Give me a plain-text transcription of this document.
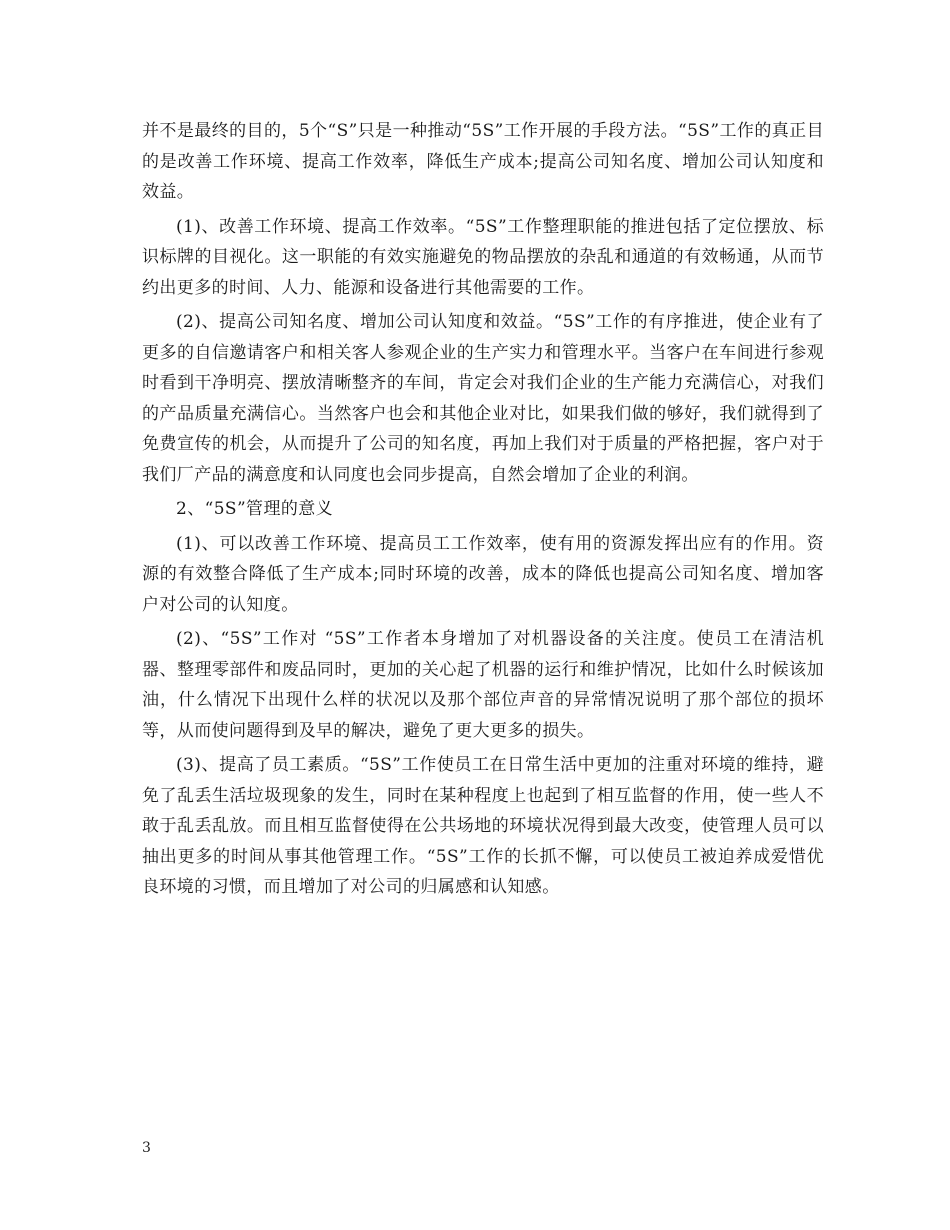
并不是最终的目的，5个“S”只是一种推动“5S”工作开展的手段方法。“5S”工作的真正目的是改善工作环境、提高工作效率，降低生产成本;提高公司知名度、增加公司认知度和效益。

(1)、改善工作环境、提高工作效率。“5S”工作整理职能的推进包括了定位摆放、标识标牌的目视化。这一职能的有效实施避免的物品摆放的杂乱和通道的有效畅通，从而节约出更多的时间、人力、能源和设备进行其他需要的工作。

(2)、提高公司知名度、增加公司认知度和效益。“5S”工作的有序推进，使企业有了更多的自信邀请客户和相关客人参观企业的生产实力和管理水平。当客户在车间进行参观时看到干净明亮、摆放清晰整齐的车间，肯定会对我们企业的生产能力充满信心，对我们的产品质量充满信心。当然客户也会和其他企业对比，如果我们做的够好，我们就得到了免费宣传的机会，从而提升了公司的知名度，再加上我们对于质量的严格把握，客户对于我们厂产品的满意度和认同度也会同步提高，自然会增加了企业的利润。

2、“5S”管理的意义

(1)、可以改善工作环境、提高员工工作效率，使有用的资源发挥出应有的作用。资源的有效整合降低了生产成本;同时环境的改善，成本的降低也提高公司知名度、增加客户对公司的认知度。

(2)、“5S”工作对 “5S”工作者本身增加了对机器设备的关注度。使员工在清洁机器、整理零部件和废品同时，更加的关心起了机器的运行和维护情况，比如什么时候该加油，什么情况下出现什么样的状况以及那个部位声音的异常情况说明了那个部位的损坏等，从而使问题得到及早的解决，避免了更大更多的损失。

(3)、提高了员工素质。“5S”工作使员工在日常生活中更加的注重对环境的维持，避免了乱丢生活垃圾现象的发生，同时在某种程度上也起到了相互监督的作用，使一些人不敢于乱丢乱放。而且相互监督使得在公共场地的环境状况得到最大改变，使管理人员可以抽出更多的时间从事其他管理工作。“5S”工作的长抓不懈，可以使员工被迫养成爱惜优良环境的习惯，而且增加了对公司的归属感和认知感。

3
